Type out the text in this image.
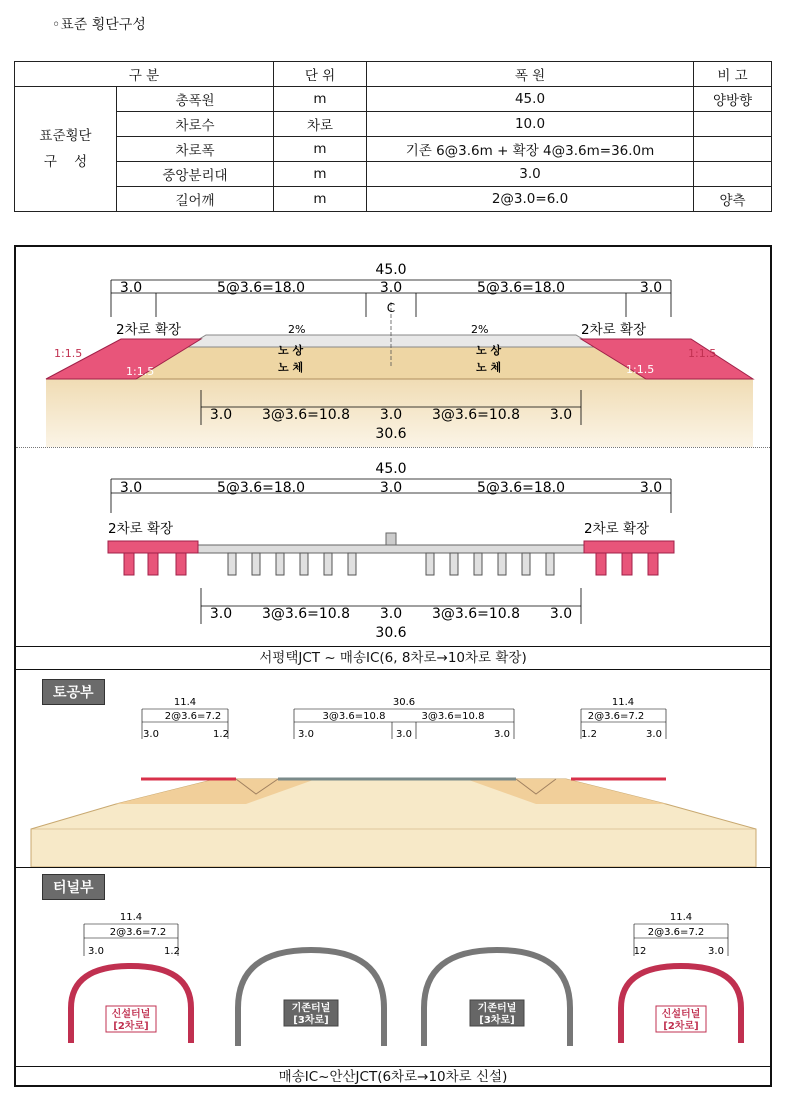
◦표준 횡단구성
구 분		단 위	폭 원	비 고
표준횡단
구    성	총폭원	m	45.0	양방향
	차로수	차로	10.0	
	차로폭	m	기존 6@3.6m + 확장 4@3.6m=36.0m	
	중앙분리대	m	3.0	
	길어깨	m	2@3.0=6.0	양측
45.0
3.0	5@3.6=18.0	3.0	5@3.6=18.0	3.0
C
2차로 확장	2차로 확장
2%	2%
1:1.5
1:1.5
1:1.5
1:1.5
노 상
노 체
노 상
노 체
3.0 3@3.6=10.8 3.0 3@3.6=10.8 3.0
30.6
45.0
3.0	5@3.6=18.0	3.0	5@3.6=18.0	3.0
2차로 확장	2차로 확장
3.0 3@3.6=10.8 3.0 3@3.6=10.8 3.0
30.6
서평택JCT ~ 매송IC(6, 8차로→10차로 확장)
토공부
11.4
2@3.6=7.2
3.0	1.2
30.6
3@3.6=10.8	3@3.6=10.8
3.0	3.0	3.0
11.4
2@3.6=7.2
1.2	3.0
터널부
11.4
2@3.6=7.2
3.0	1.2
11.4
2@3.6=7.2
12	3.0
신설터널
[2차로]
기존터널
[3차로]
기존터널
[3차로]
신설터널
[2차로]
매송IC~안산JCT(6차로→10차로 신설)
